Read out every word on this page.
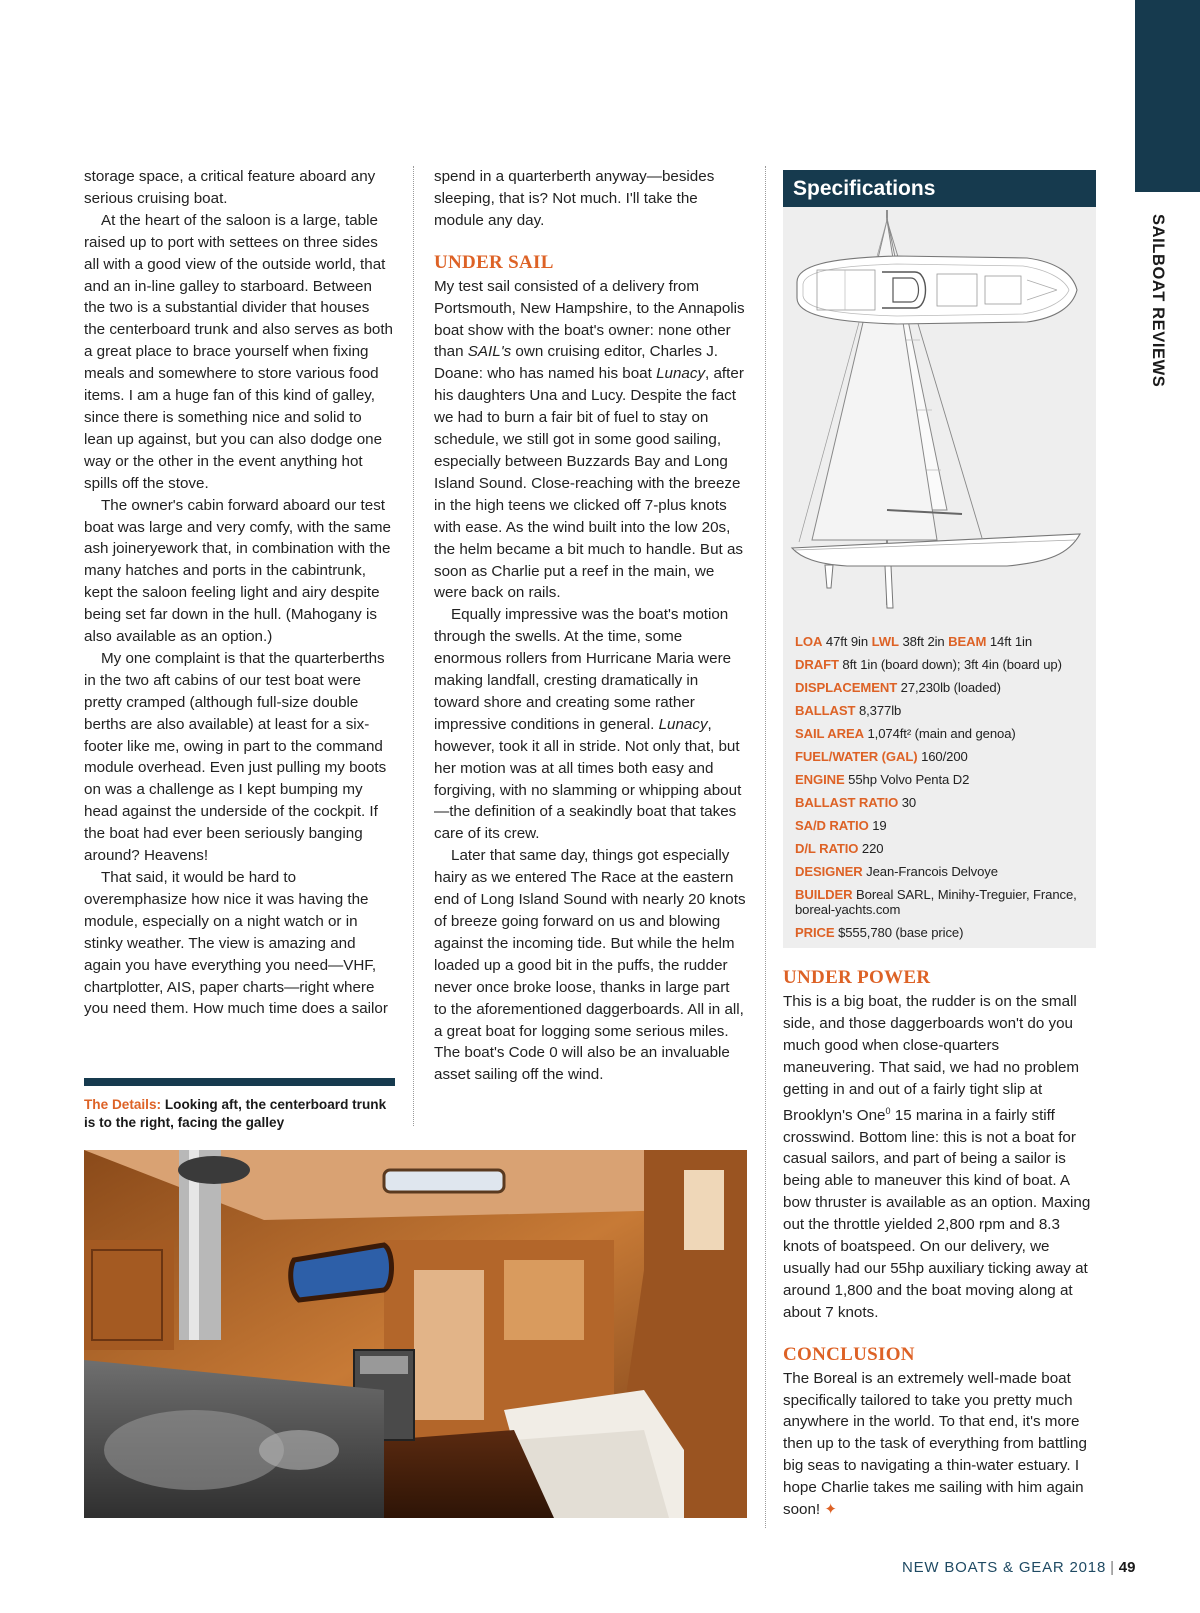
SAILBOAT REVIEWS

storage space, a critical feature aboard any serious cruising boat.

At the heart of the saloon is a large, table raised up to port with settees on three sides all with a good view of the outside world, that and an in-line galley to starboard. Between the two is a substantial divider that houses the centerboard trunk and also serves as both a great place to brace yourself when fixing meals and somewhere to store various food items. I am a huge fan of this kind of galley, since there is something nice and solid to lean up against, but you can also dodge one way or the other in the event anything hot spills off the stove.

The owner's cabin forward aboard our test boat was large and very comfy, with the same ash joineryework that, in combination with the many hatches and ports in the cabintrunk, kept the saloon feeling light and airy despite being set far down in the hull. (Mahogany is also available as an option.)

My one complaint is that the quarterberths in the two aft cabins of our test boat were pretty cramped (although full-size double berths are also available) at least for a six-footer like me, owing in part to the command module overhead. Even just pulling my boots on was a challenge as I kept bumping my head against the underside of the cockpit. If the boat had ever been seriously banging around? Heavens!

That said, it would be hard to overemphasize how nice it was having the module, especially on a night watch or in stinky weather. The view is amazing and again you have everything you need—VHF, chartplotter, AIS, paper charts—right where you need them. How much time does a sailor

spend in a quarterberth anyway—besides sleeping, that is? Not much. I'll take the module any day.

UNDER SAIL

My test sail consisted of a delivery from Portsmouth, New Hampshire, to the Annapolis boat show with the boat's owner: none other than SAIL's own cruising editor, Charles J. Doane: who has named his boat Lunacy, after his daughters Una and Lucy. Despite the fact we had to burn a fair bit of fuel to stay on schedule, we still got in some good sailing, especially between Buzzards Bay and Long Island Sound. Close-reaching with the breeze in the high teens we clicked off 7-plus knots with ease. As the wind built into the low 20s, the helm became a bit much to handle. But as soon as Charlie put a reef in the main, we were back on rails.

Equally impressive was the boat's motion through the swells. At the time, some enormous rollers from Hurricane Maria were making landfall, cresting dramatically in toward shore and creating some rather impressive conditions in general. Lunacy, however, took it all in stride. Not only that, but her motion was at all times both easy and forgiving, with no slamming or whipping about—the definition of a seakindly boat that takes care of its crew.

Later that same day, things got especially hairy as we entered The Race at the eastern end of Long Island Sound with nearly 20 knots of breeze going forward on us and blowing against the incoming tide. But while the helm loaded up a good bit in the puffs, the rudder never once broke loose, thanks in large part to the aforementioned daggerboards. All in all, a great boat for logging some serious miles. The boat's Code 0 will also be an invaluable asset sailing off the wind.

Specifications

LOA 47ft 9in LWL 38ft 2in BEAM 14ft 1in

DRAFT 8ft 1in (board down); 3ft 4in (board up)

DISPLACEMENT 27,230lb (loaded)

BALLAST 8,377lb

SAIL AREA 1,074ft² (main and genoa)

FUEL/WATER (GAL) 160/200

ENGINE 55hp Volvo Penta D2

BALLAST RATIO 30

SA/D RATIO 19

D/L RATIO 220

DESIGNER Jean-Francois Delvoye

BUILDER Boreal SARL, Minihy-Treguier, France, boreal-yachts.com

PRICE $555,780 (base price)

UNDER POWER

This is a big boat, the rudder is on the small side, and those daggerboards won't do you much good when close-quarters maneuvering. That said, we had no problem getting in and out of a fairly tight slip at Brooklyn's One$^0$ 15 marina in a fairly stiff crosswind. Bottom line: this is not a boat for casual sailors, and part of being a sailor is being able to maneuver this kind of boat. A bow thruster is available as an option. Maxing out the throttle yielded 2,800 rpm and 8.3 knots of boatspeed. On our delivery, we usually had our 55hp auxiliary ticking away at around 1,800 and the boat moving along at about 7 knots.

CONCLUSION

The Boreal is an extremely well-made boat specifically tailored to take you pretty much anywhere in the world. To that end, it's more then up to the task of everything from battling big seas to navigating a thin-water estuary. I hope Charlie takes me sailing with him again soon! ✦

The Details: Looking aft, the centerboard trunk is to the right, facing the galley
NEW BOATS & GEAR 2018 | 49
